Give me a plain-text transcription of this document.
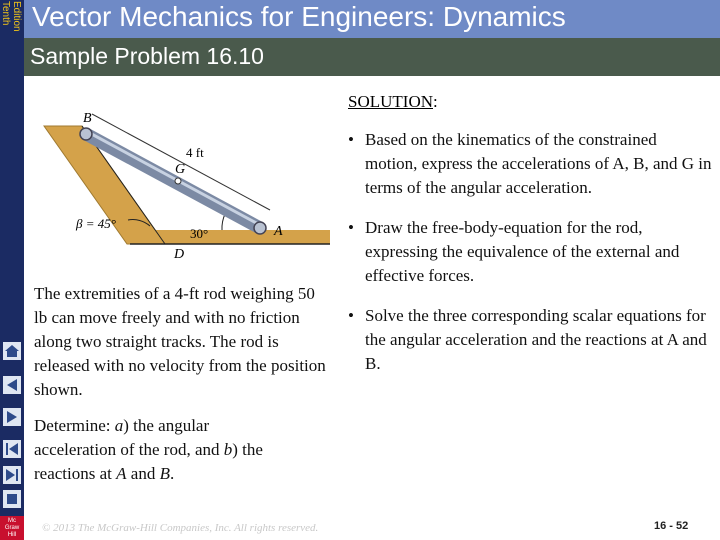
Tenth Edition Vector Mechanics for Engineers: Dynamics
Sample Problem 16.10
B
G
A
D
4 ft
β = 45°
30°
The extremities of a 4-ft rod weighing 50 lb can move freely and with no friction along two straight tracks. The rod is released with no velocity from the position shown.
Determine: a) the angular acceleration of the rod, and b) the reactions at A and B.
SOLUTION:
• Based on the kinematics of the constrained motion, express the accelerations of A, B, and G in terms of the angular acceleration.
• Draw the free-body-equation for the rod, expressing the equivalence of the external and effective forces.
• Solve the three corresponding scalar equations for the angular acceleration and the reactions at A and B.
Mc
Graw
Hill
© 2013 The McGraw-Hill Companies, Inc. All rights reserved.	16 - 52
